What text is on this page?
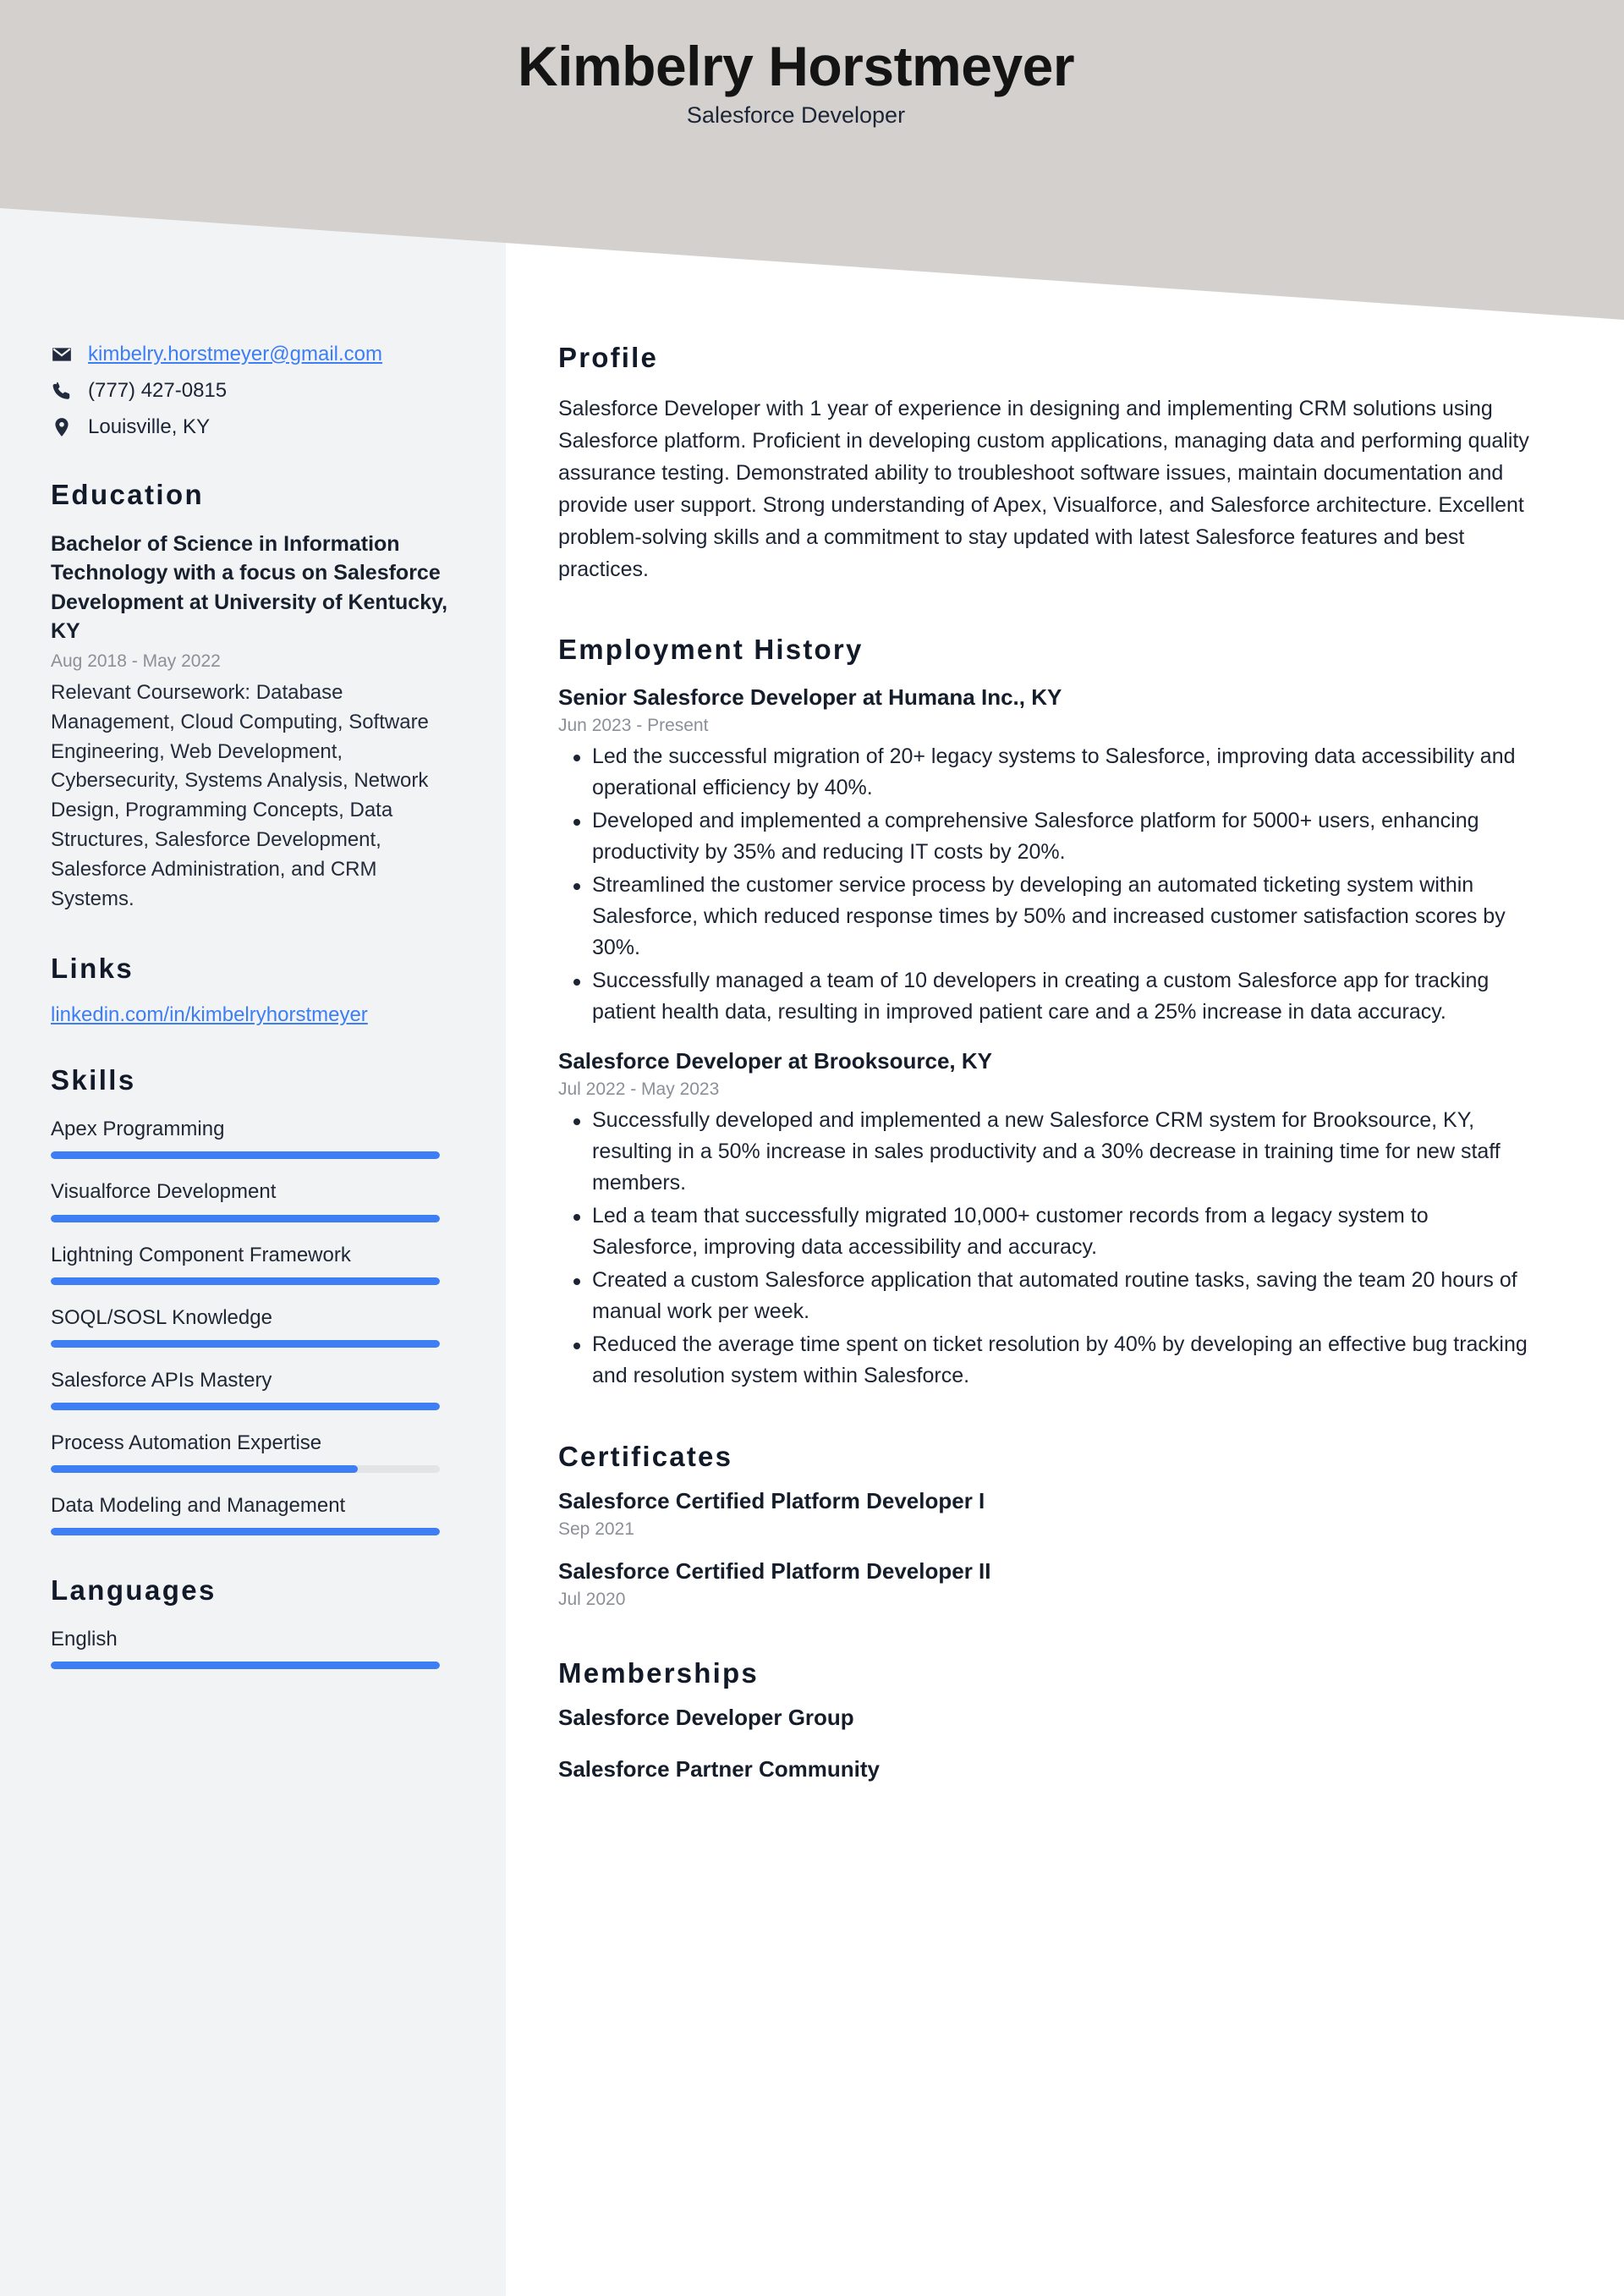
Kimbelry Horstmeyer
Salesforce Developer
kimbelry.horstmeyer@gmail.com
(777) 427-0815
Louisville, KY
Education
Bachelor of Science in Information Technology with a focus on Salesforce Development at University of Kentucky, KY
Aug 2018 - May 2022
Relevant Coursework: Database Management, Cloud Computing, Software Engineering, Web Development, Cybersecurity, Systems Analysis, Network Design, Programming Concepts, Data Structures, Salesforce Development, Salesforce Administration, and CRM Systems.
Links
linkedin.com/in/kimbelryhorstmeyer
Skills
Apex Programming
Visualforce Development
Lightning Component Framework
SOQL/SOSL Knowledge
Salesforce APIs Mastery
Process Automation Expertise
Data Modeling and Management
Languages
English
Profile
Salesforce Developer with 1 year of experience in designing and implementing CRM solutions using Salesforce platform. Proficient in developing custom applications, managing data and performing quality assurance testing. Demonstrated ability to troubleshoot software issues, maintain documentation and provide user support. Strong understanding of Apex, Visualforce, and Salesforce architecture. Excellent problem-solving skills and a commitment to stay updated with latest Salesforce features and best practices.
Employment History
Senior Salesforce Developer at Humana Inc., KY
Jun 2023 - Present
Led the successful migration of 20+ legacy systems to Salesforce, improving data accessibility and operational efficiency by 40%.
Developed and implemented a comprehensive Salesforce platform for 5000+ users, enhancing productivity by 35% and reducing IT costs by 20%.
Streamlined the customer service process by developing an automated ticketing system within Salesforce, which reduced response times by 50% and increased customer satisfaction scores by 30%.
Successfully managed a team of 10 developers in creating a custom Salesforce app for tracking patient health data, resulting in improved patient care and a 25% increase in data accuracy.
Salesforce Developer at Brooksource, KY
Jul 2022 - May 2023
Successfully developed and implemented a new Salesforce CRM system for Brooksource, KY, resulting in a 50% increase in sales productivity and a 30% decrease in training time for new staff members.
Led a team that successfully migrated 10,000+ customer records from a legacy system to Salesforce, improving data accessibility and accuracy.
Created a custom Salesforce application that automated routine tasks, saving the team 20 hours of manual work per week.
Reduced the average time spent on ticket resolution by 40% by developing an effective bug tracking and resolution system within Salesforce.
Certificates
Salesforce Certified Platform Developer I
Sep 2021
Salesforce Certified Platform Developer II
Jul 2020
Memberships
Salesforce Developer Group
Salesforce Partner Community
